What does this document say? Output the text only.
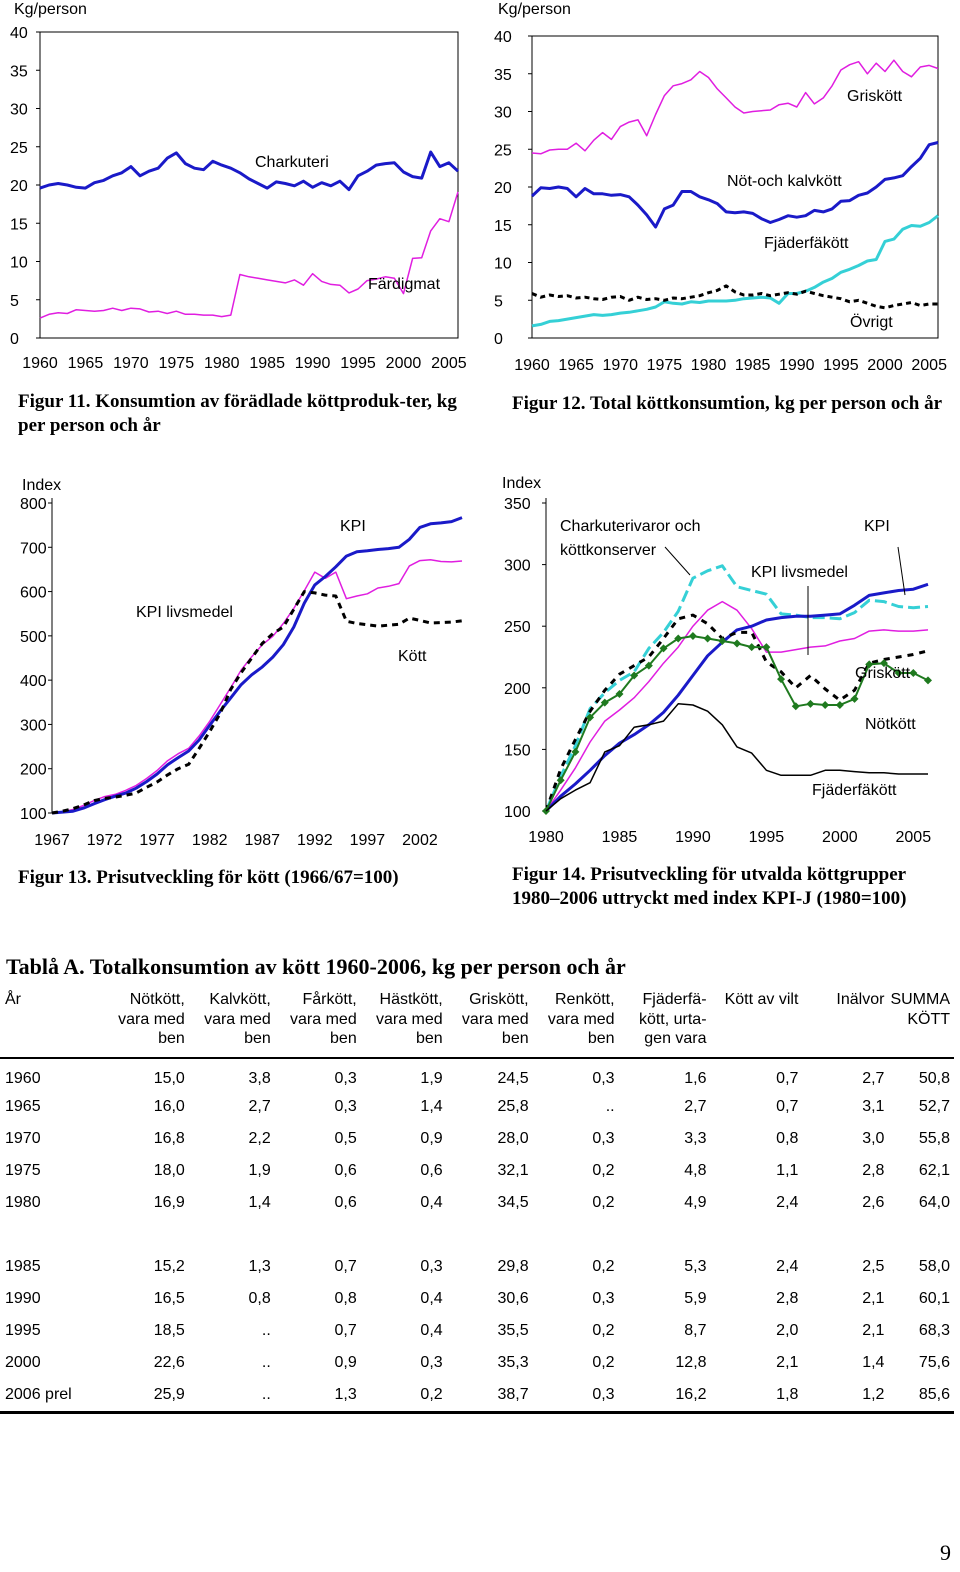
Kg/person
0
5
10
15
20
25
30
35
40
1960 1965 1970 1975 1980 1985 1990 1995 2000 2005
Charkuteri
Färdigmat
Figur 11. Konsumtion av förädlade köttproduk-ter, kg per person och år
Kg/person
0
5
10
15
20
25
30
35
40
1960 1965 1970 1975 1980 1985 1990 1995 2000 2005
Griskött
Nöt-och kalvkött
Fjäderfäkött
Övrigt
Figur 12. Total köttkonsumtion, kg per person och år
Index
100
200
300
400
500
600
700
800
1967 1972 1977 1982 1987 1992 1997 2002
KPI
KPI livsmedel
Kött
Figur 13. Prisutveckling för kött (1966/67=100)
Index
100
150
200
250
300
350
1980 1985 1990 1995 2000 2005
Charkuterivaror och
köttkonserver
KPI
KPI livsmedel
Griskött
Nötkött
Fjäderfäkött
Figur 14. Prisutveckling för utvalda köttgrupper 1980–2006 uttryckt med index KPI-J (1980=100)
Tablå A. Totalkonsumtion av kött 1960-2006, kg per person och år
År	Nötkött,
vara med
ben	Kalvkött,
vara med
ben	Fårkött,
vara med
ben	Hästkött,
vara med
ben	Griskött,
vara med
ben	Renkött,
vara med
ben	Fjäderfä-
kött, urta-
gen vara	Kött av vilt	Inälvor	SUMMA
KÖTT
1960	15,0	3,8	0,3	1,9	24,5	0,3	1,6	0,7	2,7	50,8
1965	16,0	2,7	0,3	1,4	25,8	..	2,7	0,7	3,1	52,7
1970	16,8	2,2	0,5	0,9	28,0	0,3	3,3	0,8	3,0	55,8
1975	18,0	1,9	0,6	0,6	32,1	0,2	4,8	1,1	2,8	62,1
1980	16,9	1,4	0,6	0,4	34,5	0,2	4,9	2,4	2,6	64,0

1985	15,2	1,3	0,7	0,3	29,8	0,2	5,3	2,4	2,5	58,0
1990	16,5	0,8	0,8	0,4	30,6	0,3	5,9	2,8	2,1	60,1
1995	18,5	..	0,7	0,4	35,5	0,2	8,7	2,0	2,1	68,3
2000	22,6	..	0,9	0,3	35,3	0,2	12,8	2,1	1,4	75,6
2006 prel	25,9	..	1,3	0,2	38,7	0,3	16,2	1,8	1,2	85,6
9
